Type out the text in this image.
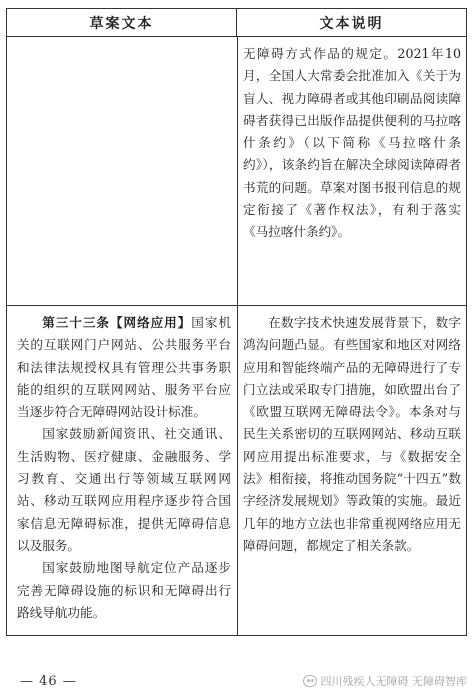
草案文本	文本说明

无障碍方式作品的规定。2021年10月，全国人大常委会批准加入《关于为盲人、视力障碍者或其他印刷品阅读障碍者获得已出版作品提供便利的马拉喀什条约》（以下简称《马拉喀什条约》），该条约旨在解决全球阅读障碍者书荒的问题。草案对图书报刊信息的规定衔接了《著作权法》，有利于落实《马拉喀什条约》。

第三十三条【网络应用】国家机关的互联网门户网站、公共服务平台和法律法规授权具有管理公共事务职能的组织的互联网网站、服务平台应当逐步符合无障碍网站设计标准。

国家鼓励新闻资讯、社交通讯、生活购物、医疗健康、金融服务、学习教育、交通出行等领域互联网网站、移动互联网应用程序逐步符合国家信息无障碍标准，提供无障碍信息以及服务。

国家鼓励地图导航定位产品逐步完善无障碍设施的标识和无障碍出行路线导航功能。

在数字技术快速发展背景下，数字鸿沟问题凸显。有些国家和地区对网络应用和智能终端产品的无障碍进行了专门立法或采取专门措施，如欧盟出台了《欧盟互联网无障碍法令》。本条对与民生关系密切的互联网网站、移动互联网应用提出标准要求，与《数据安全法》相衔接，将推动国务院“十四五”数字经济发展规划》等政策的实施。最近几年的地方立法也非常重视网络应用无障碍问题，都规定了相关条款。

— 46 —	四川残疾人无障碍 无障碍智库
